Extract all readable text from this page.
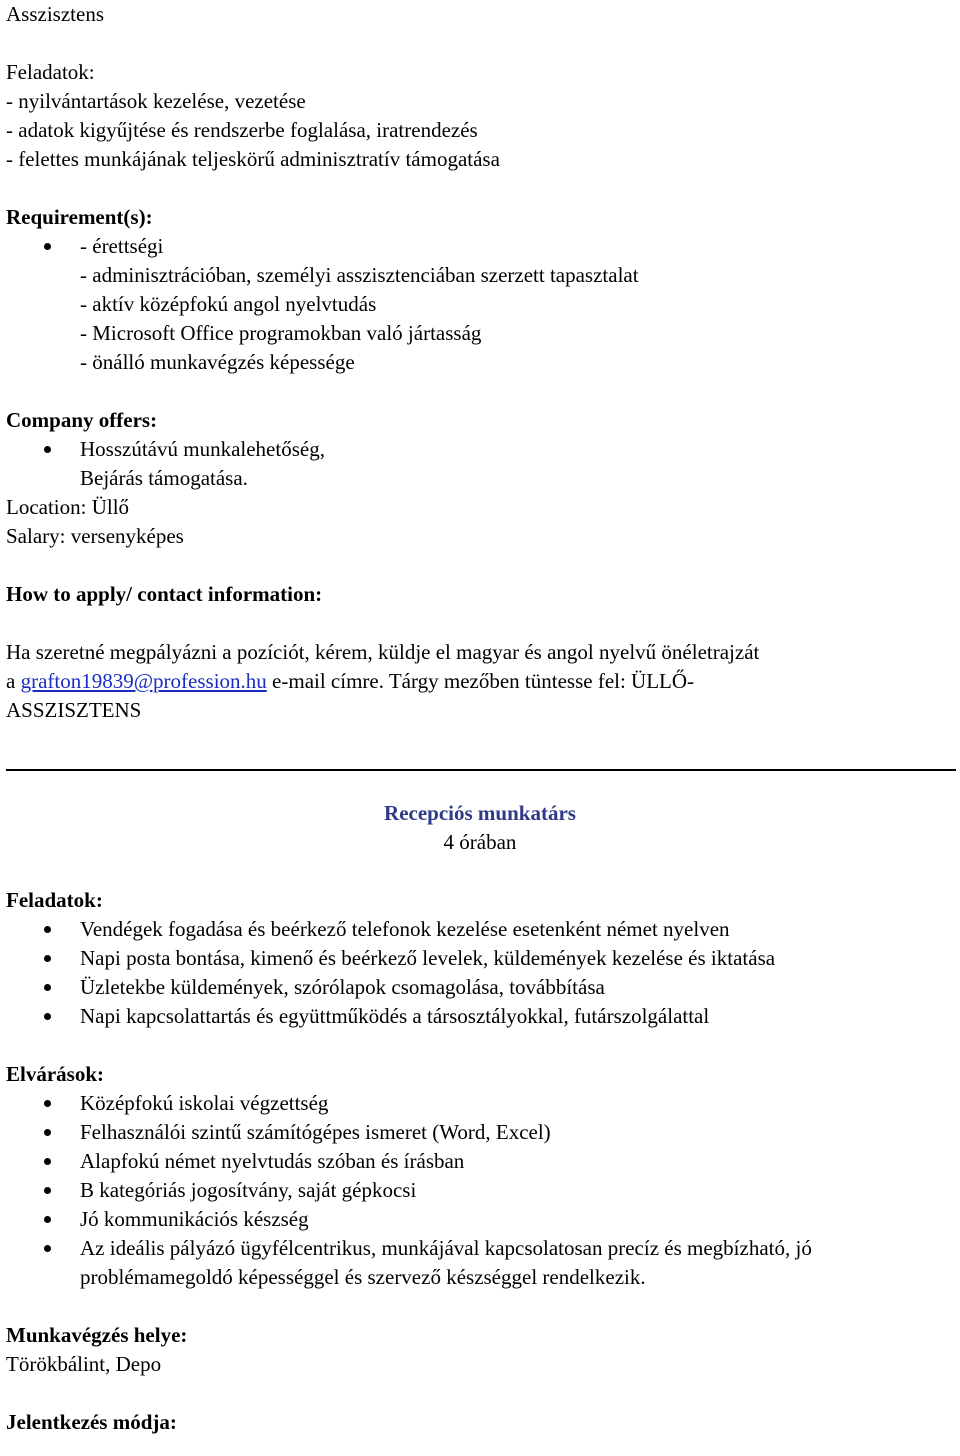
Asszisztens

Feladatok:

- nyilvántartások kezelése, vezetése

- adatok kigyűjtése és rendszerbe foglalása, iratrendezés

- felettes munkájának teljeskörű adminisztratív támogatása

Requirement(s):

- érettségi

- adminisztrációban, személyi asszisztenciában szerzett tapasztalat

- aktív középfokú angol nyelvtudás

- Microsoft Office programokban való jártasság

- önálló munkavégzés képessége

Company offers:

Hosszútávú munkalehetőség,

Bejárás támogatása.

Location: Üllő

Salary: versenyképes

How to apply/ contact information:

Ha szeretné megpályázni a pozíciót, kérem, küldje el magyar és angol nyelvű önéletrajzát

a grafton19839@profession.hu e-mail címre. Tárgy mezőben tüntesse fel: ÜLLŐ-

ASSZISZTENS

Recepciós munkatárs

4 órában

Feladatok:

Vendégek fogadása és beérkező telefonok kezelése esetenként német nyelven
Napi posta bontása, kimenő és beérkező levelek, küldemények kezelése és iktatása
Üzletekbe küldemények, szórólapok csomagolása, továbbítása
Napi kapcsolattartás és együttműködés a társosztályokkal, futárszolgálattal

Elvárások:

Középfokú iskolai végzettség
Felhasználói szintű számítógépes ismeret (Word, Excel)
Alapfokú német nyelvtudás szóban és írásban
B kategóriás jogosítvány, saját gépkocsi
Jó kommunikációs készség
Az ideális pályázó ügyfélcentrikus, munkájával kapcsolatosan precíz és megbízható, jó problémamegoldó képességgel és szervező készséggel rendelkezik.

Munkavégzés helye:

Törökbálint, Depo

Jelentkezés módja:
